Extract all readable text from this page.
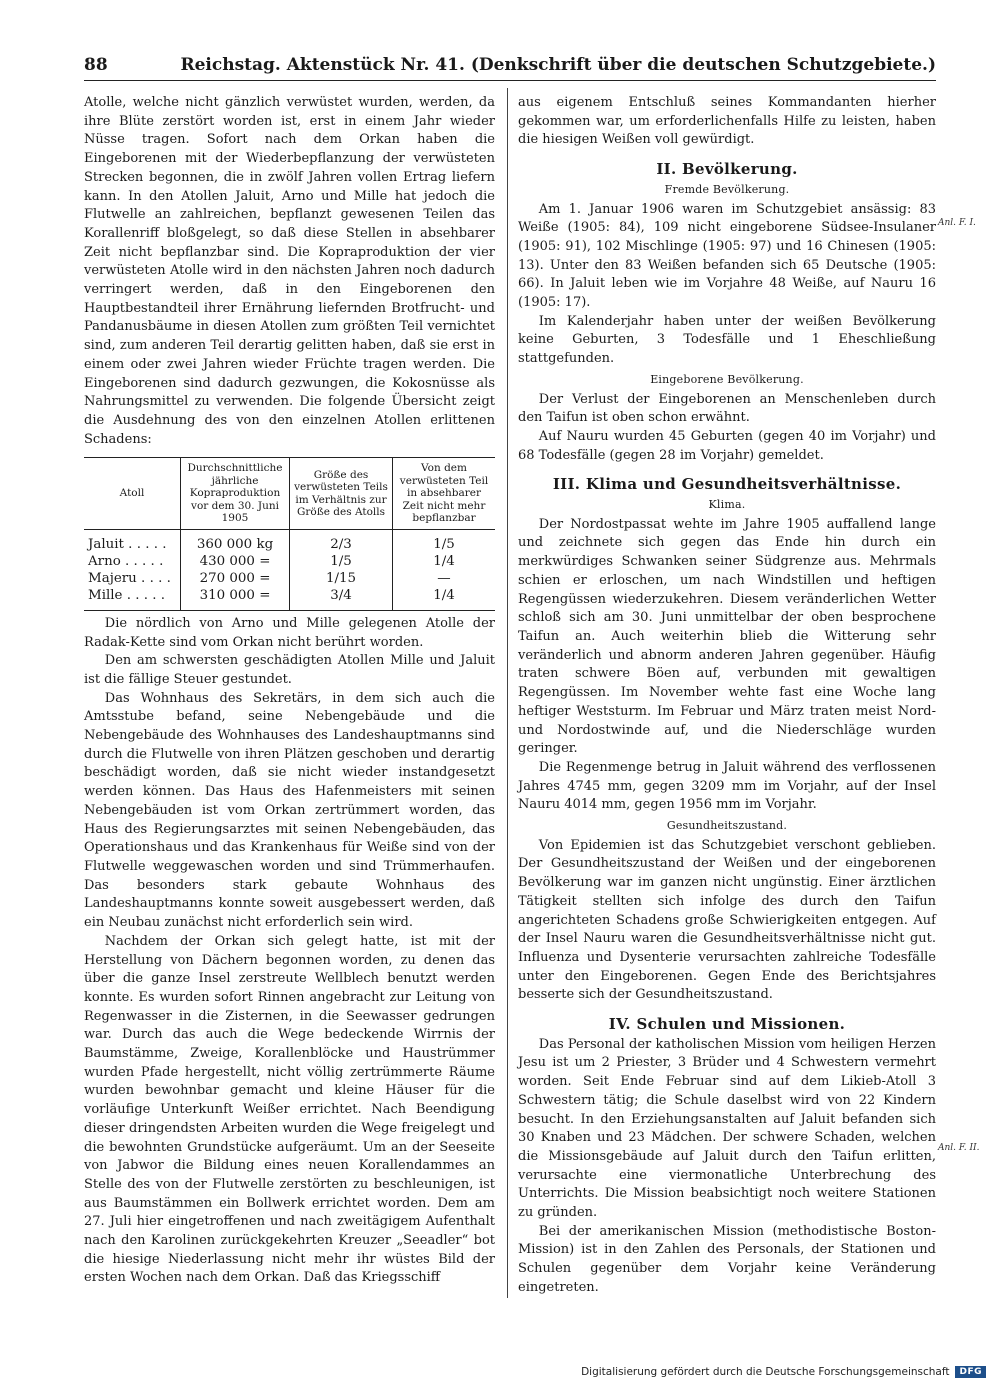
88	Reichstag. Aktenstück Nr. 41. (Denkschrift über die deutschen Schutzgebiete.)

Atolle, welche nicht gänzlich verwüstet wurden, werden, da ihre Blüte zerstört worden ist, erst in einem Jahr wieder Nüsse tragen. Sofort nach dem Orkan haben die Eingeborenen mit der Wiederbepflanzung der verwüsteten Strecken begonnen, die in zwölf Jahren vollen Ertrag liefern kann. In den Atollen Jaluit, Arno und Mille hat jedoch die Flutwelle an zahlreichen, bepflanzt gewesenen Teilen das Korallenriff bloßgelegt, so daß diese Stellen in absehbarer Zeit nicht bepflanzbar sind. Die Kopraproduktion der vier verwüsteten Atolle wird in den nächsten Jahren noch dadurch verringert werden, daß in den Eingeborenen den Hauptbestandteil ihrer Ernährung liefernden Brotfrucht- und Pandanusbäume in diesen Atollen zum größten Teil vernichtet sind, zum anderen Teil derartig gelitten haben, daß sie erst in einem oder zwei Jahren wieder Früchte tragen werden. Die Eingeborenen sind dadurch gezwungen, die Kokosnüsse als Nahrungsmittel zu verwenden. Die folgende Übersicht zeigt die Ausdehnung des von den einzelnen Atollen erlittenen Schadens:

Atoll	Durchschnittliche jährliche Kopraproduktion vor dem 30. Juni 1905	Größe des verwüsteten Teils im Verhältnis zur Größe des Atolls	Von dem verwüsteten Teil in absehbarer Zeit nicht mehr bepflanzbar
Jaluit . . . . .	360 000 kg	2/3	1/5
Arno . . . . .	430 000 =	1/5	1/4
Majeru . . . .	270 000 =	1/15	—
Mille . . . . .	310 000 =	3/4	1/4

Die nördlich von Arno und Mille gelegenen Atolle der Radak-Kette sind vom Orkan nicht berührt worden.

Den am schwersten geschädigten Atollen Mille und Jaluit ist die fällige Steuer gestundet.

Das Wohnhaus des Sekretärs, in dem sich auch die Amtsstube befand, seine Nebengebäude und die Nebengebäude des Wohnhauses des Landeshauptmanns sind durch die Flutwelle von ihren Plätzen geschoben und derartig beschädigt worden, daß sie nicht wieder instandgesetzt werden können. Das Haus des Hafenmeisters mit seinen Nebengebäuden ist vom Orkan zertrümmert worden, das Haus des Regierungsarztes mit seinen Nebengebäuden, das Operationshaus und das Krankenhaus für Weiße sind von der Flutwelle weggewaschen worden und sind Trümmerhaufen. Das besonders stark gebaute Wohnhaus des Landeshauptmanns konnte soweit ausgebessert werden, daß ein Neubau zunächst nicht erforderlich sein wird.

Nachdem der Orkan sich gelegt hatte, ist mit der Herstellung von Dächern begonnen worden, zu denen das über die ganze Insel zerstreute Wellblech benutzt werden konnte. Es wurden sofort Rinnen angebracht zur Leitung von Regenwasser in die Zisternen, in die Seewasser gedrungen war. Durch das auch die Wege bedeckende Wirrnis der Baumstämme, Zweige, Korallenblöcke und Haustrümmer wurden Pfade hergestellt, nicht völlig zertrümmerte Räume wurden bewohnbar gemacht und kleine Häuser für die vorläufige Unterkunft Weißer errichtet. Nach Beendigung dieser dringendsten Arbeiten wurden die Wege freigelegt und die bewohnten Grundstücke aufgeräumt. Um an der Seeseite von Jabwor die Bildung eines neuen Korallendammes an Stelle des von der Flutwelle zerstörten zu beschleunigen, ist aus Baumstämmen ein Bollwerk errichtet worden. Dem am 27. Juli hier eingetroffenen und nach zweitägigem Aufenthalt nach den Karolinen zurückgekehrten Kreuzer „Seeadler“ bot die hiesige Niederlassung nicht mehr ihr wüstes Bild der ersten Wochen nach dem Orkan. Daß das Kriegsschiff

aus eigenem Entschluß seines Kommandanten hierher gekommen war, um erforderlichenfalls Hilfe zu leisten, haben die hiesigen Weißen voll gewürdigt.

II. Bevölkerung.
Fremde Bevölkerung.

Am 1. Januar 1906 waren im Schutzgebiet ansässig: 83 Weiße (1905: 84), 109 nicht eingeborene Südsee-Insulaner (1905: 91), 102 Mischlinge (1905: 97) und 16 Chinesen (1905: 13). Unter den 83 Weißen befanden sich 65 Deutsche (1905: 66). In Jaluit leben wie im Vorjahre 48 Weiße, auf Nauru 16 (1905: 17).

Im Kalenderjahr haben unter der weißen Bevölkerung keine Geburten, 3 Todesfälle und 1 Eheschließung stattgefunden.

Eingeborene Bevölkerung.

Der Verlust der Eingeborenen an Menschenleben durch den Taifun ist oben schon erwähnt.

Auf Nauru wurden 45 Geburten (gegen 40 im Vorjahr) und 68 Todesfälle (gegen 28 im Vorjahr) gemeldet.

III. Klima und Gesundheitsverhältnisse.
Klima.

Der Nordostpassat wehte im Jahre 1905 auffallend lange und zeichnete sich gegen das Ende hin durch ein merkwürdiges Schwanken seiner Südgrenze aus. Mehrmals schien er erloschen, um nach Windstillen und heftigen Regengüssen wiederzukehren. Diesem veränderlichen Wetter schloß sich am 30. Juni unmittelbar der oben besprochene Taifun an. Auch weiterhin blieb die Witterung sehr veränderlich und abnorm anderen Jahren gegenüber. Häufig traten schwere Böen auf, verbunden mit gewaltigen Regengüssen. Im November wehte fast eine Woche lang heftiger Weststurm. Im Februar und März traten meist Nord- und Nordostwinde auf, und die Niederschläge wurden geringer.

Die Regenmenge betrug in Jaluit während des verflossenen Jahres 4745 mm, gegen 3209 mm im Vorjahr, auf der Insel Nauru 4014 mm, gegen 1956 mm im Vorjahr.

Gesundheitszustand.

Von Epidemien ist das Schutzgebiet verschont geblieben. Der Gesundheitszustand der Weißen und der eingeborenen Bevölkerung war im ganzen nicht ungünstig. Einer ärztlichen Tätigkeit stellten sich infolge des durch den Taifun angerichteten Schadens große Schwierigkeiten entgegen. Auf der Insel Nauru waren die Gesundheitsverhältnisse nicht gut. Influenza und Dysenterie verursachten zahlreiche Todesfälle unter den Eingeborenen. Gegen Ende des Berichtsjahres besserte sich der Gesundheitszustand.

IV. Schulen und Missionen.

Das Personal der katholischen Mission vom heiligen Herzen Jesu ist um 2 Priester, 3 Brüder und 4 Schwestern vermehrt worden. Seit Ende Februar sind auf dem Likieb-Atoll 3 Schwestern tätig; die Schule daselbst wird von 22 Kindern besucht. In den Erziehungsanstalten auf Jaluit befanden sich 30 Knaben und 23 Mädchen. Der schwere Schaden, welchen die Missionsgebäude auf Jaluit durch den Taifun erlitten, verursachte eine viermonatliche Unterbrechung des Unterrichts. Die Mission beabsichtigt noch weitere Stationen zu gründen.

Bei der amerikanischen Mission (methodistische Boston-Mission) ist in den Zahlen des Personals, der Stationen und Schulen gegenüber dem Vorjahr keine Veränderung eingetreten.

Anl. F. I.
Anl. F. II.
Digitalisierung gefördert durch die Deutsche Forschungsgemeinschaft	DFG
